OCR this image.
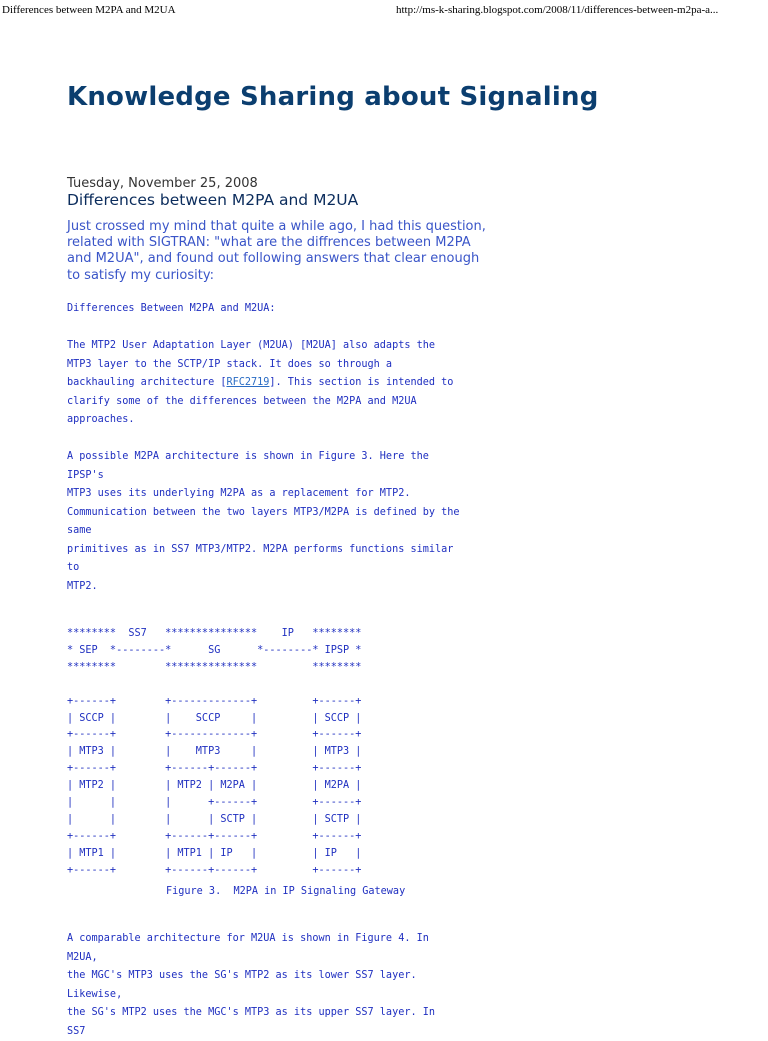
Differences between M2PA and M2UA	http://ms-k-sharing.blogspot.com/2008/11/differences-between-m2pa-a...
Knowledge Sharing about Signaling
Tuesday, November 25, 2008
Differences between M2PA and M2UA
Just crossed my mind that quite a while ago, I had this question, related with SIGTRAN: "what are the diffrences between M2PA and M2UA", and found out following answers that clear enough to satisfy my curiosity:
Differences Between M2PA and M2UA:
The MTP2 User Adaptation Layer (M2UA) [M2UA] also adapts the
MTP3 layer to the SCTP/IP stack. It does so through a
backhauling architecture [RFC2719]. This section is intended to
clarify some of the differences between the M2PA and M2UA
approaches.
A possible M2PA architecture is shown in Figure 3. Here the
IPSP's
MTP3 uses its underlying M2PA as a replacement for MTP2.
Communication between the two layers MTP3/M2PA is defined by the
same
primitives as in SS7 MTP3/MTP2. M2PA performs functions similar
to
MTP2.
********  SS7   ***************    IP   ********
* SEP  *--------*      SG      *--------* IPSP *
********        ***************         ********

+------+        +-------------+         +------+
| SCCP |        |    SCCP     |         | SCCP |
+------+        +-------------+         +------+
| MTP3 |        |    MTP3     |         | MTP3 |
+------+        +------+------+         +------+
| MTP2 |        | MTP2 | M2PA |         | M2PA |
|      |        |      +------+         +------+
|      |        |      | SCTP |         | SCTP |
+------+        +------+------+         +------+
| MTP1 |        | MTP1 | IP   |         | IP   |
+------+        +------+------+         +------+
Figure 3.  M2PA in IP Signaling Gateway
A comparable architecture for M2UA is shown in Figure 4. In
M2UA,
the MGC's MTP3 uses the SG's MTP2 as its lower SS7 layer.
Likewise,
the SG's MTP2 uses the MGC's MTP3 as its upper SS7 layer. In
SS7
